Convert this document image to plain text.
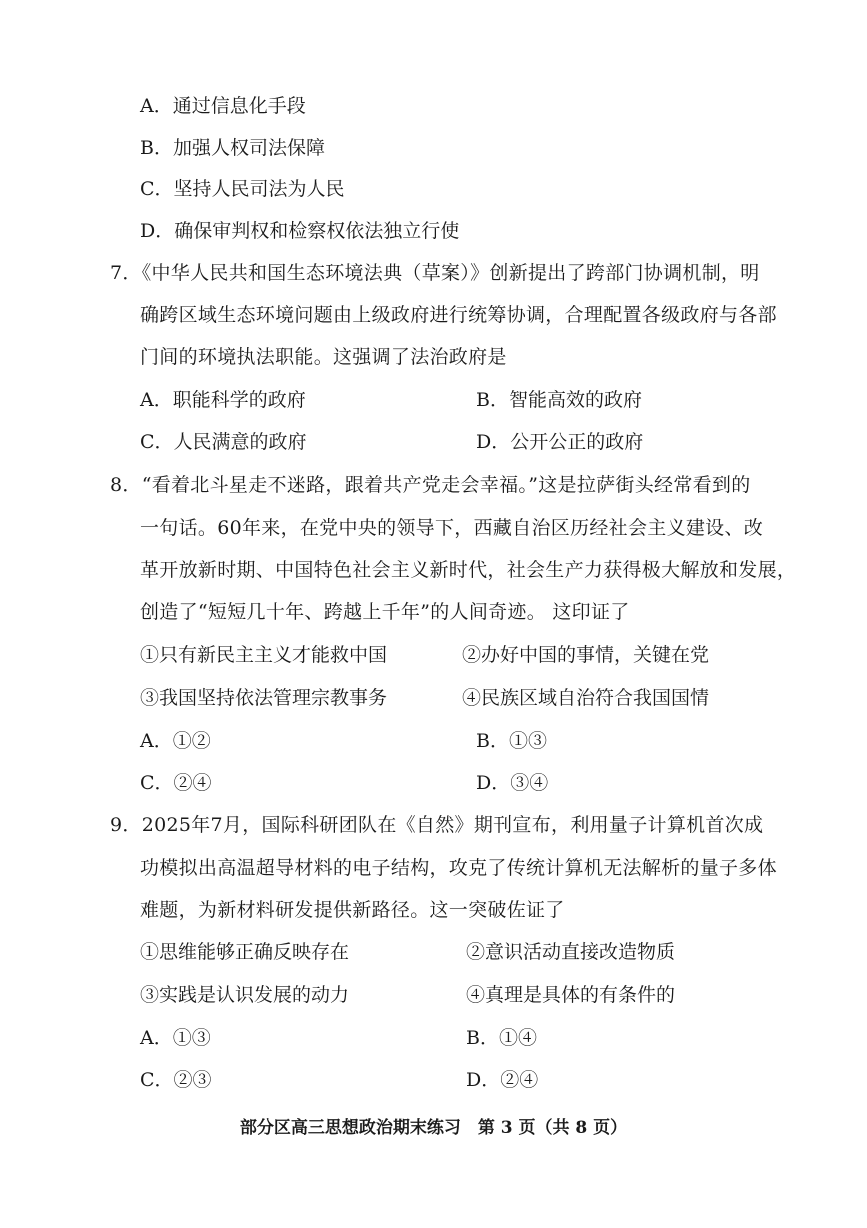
A．通过信息化手段
B．加强人权司法保障
C．坚持人民司法为人民
D．确保审判权和检察权依法独立行使
7．《中华人民共和国生态环境法典（草案）》创新提出了跨部门协调机制，明
确跨区域生态环境问题由上级政府进行统筹协调，合理配置各级政府与各部
门间的环境执法职能。这强调了法治政府是
A．职能科学的政府	B．智能高效的政府
C．人民满意的政府	D．公开公正的政府
8．“看着北斗星走不迷路，跟着共产党走会幸福。”这是拉萨街头经常看到的
一句话。60年来，在党中央的领导下，西藏自治区历经社会主义建设、改
革开放新时期、中国特色社会主义新时代，社会生产力获得极大解放和发展，
创造了“短短几十年、跨越上千年”的人间奇迹。 这印证了
①只有新民主主义才能救中国	②办好中国的事情，关键在党
③我国坚持依法管理宗教事务	④民族区域自治符合我国国情
A．①②	B．①③
C．②④	D．③④
9．2025年7月，国际科研团队在《自然》期刊宣布，利用量子计算机首次成
功模拟出高温超导材料的电子结构，攻克了传统计算机无法解析的量子多体
难题，为新材料研发提供新路径。这一突破佐证了
①思维能够正确反映存在	②意识活动直接改造物质
③实践是认识发展的动力	④真理是具体的有条件的
A．①③	B．①④
C．②③	D．②④
部分区高三思想政治期末练习　第 3 页（共 8 页）
